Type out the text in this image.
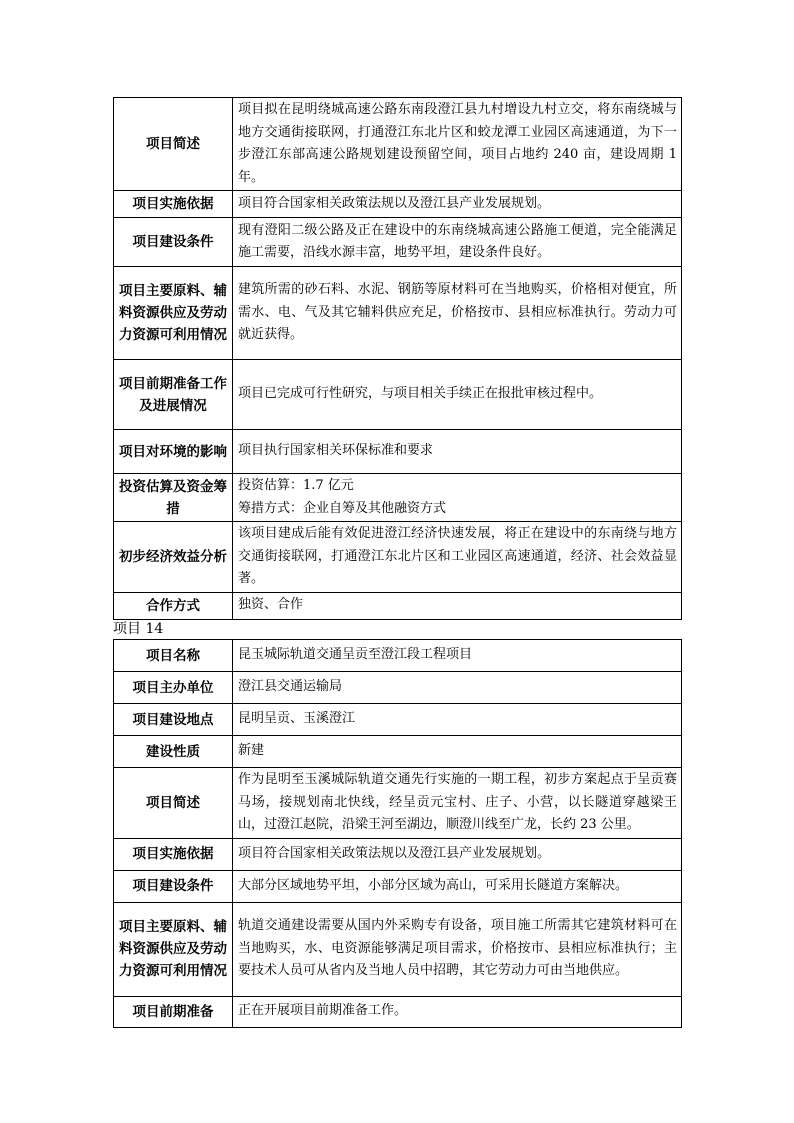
项目简述	项目拟在昆明绕城高速公路东南段澄江县九村增设九村立交，将东南绕城与地方交通街接联网，打通澄江东北片区和蛟龙潭工业园区高速通道，为下一步澄江东部高速公路规划建设预留空间，项目占地约 240 亩，建设周期 1 年。
项目实施依据	项目符合国家相关政策法规以及澄江县产业发展规划。
项目建设条件	现有澄阳二级公路及正在建设中的东南绕城高速公路施工便道，完全能满足施工需要，沿线水源丰富，地势平坦，建设条件良好。
项目主要原料、辅料资源供应及劳动力资源可利用情况	建筑所需的砂石料、水泥、钢筋等原材料可在当地购买，价格相对便宜，所需水、电、气及其它辅料供应充足，价格按市、县相应标准执行。劳动力可就近获得。
项目前期准备工作及进展情况	项目已完成可行性研究，与项目相关手续正在报批审核过程中。
项目对环境的影响	项目执行国家相关环保标准和要求
投资估算及资金筹措	投资估算：1.7 亿元
筹措方式：企业自筹及其他融资方式

初步经济效益分析	该项目建成后能有效促进澄江经济快速发展，将正在建设中的东南绕与地方交通街接联网，打通澄江东北片区和工业园区高速通道，经济、社会效益显著。
合作方式	独资、合作
项目 14
项目名称	昆玉城际轨道交通呈贡至澄江段工程项目
项目主办单位	澄江县交通运输局
项目建设地点	昆明呈贡、玉溪澄江
建设性质	新建
项目简述	作为昆明至玉溪城际轨道交通先行实施的一期工程，初步方案起点于呈贡赛马场，接规划南北快线，经呈贡元宝村、庄子、小营，以长隧道穿越梁王山，过澄江赵院，沿梁王河至湖边，顺澄川线至广龙，长约 23 公里。
项目实施依据	项目符合国家相关政策法规以及澄江县产业发展规划。
项目建设条件	大部分区域地势平坦，小部分区域为高山，可采用长隧道方案解决。
项目主要原料、辅料资源供应及劳动力资源可利用情况	轨道交通建设需要从国内外采购专有设备，项目施工所需其它建筑材料可在当地购买，水、电资源能够满足项目需求，价格按市、县相应标准执行；主要技术人员可从省内及当地人员中招聘，其它劳动力可由当地供应。
项目前期准备	正在开展项目前期准备工作。
